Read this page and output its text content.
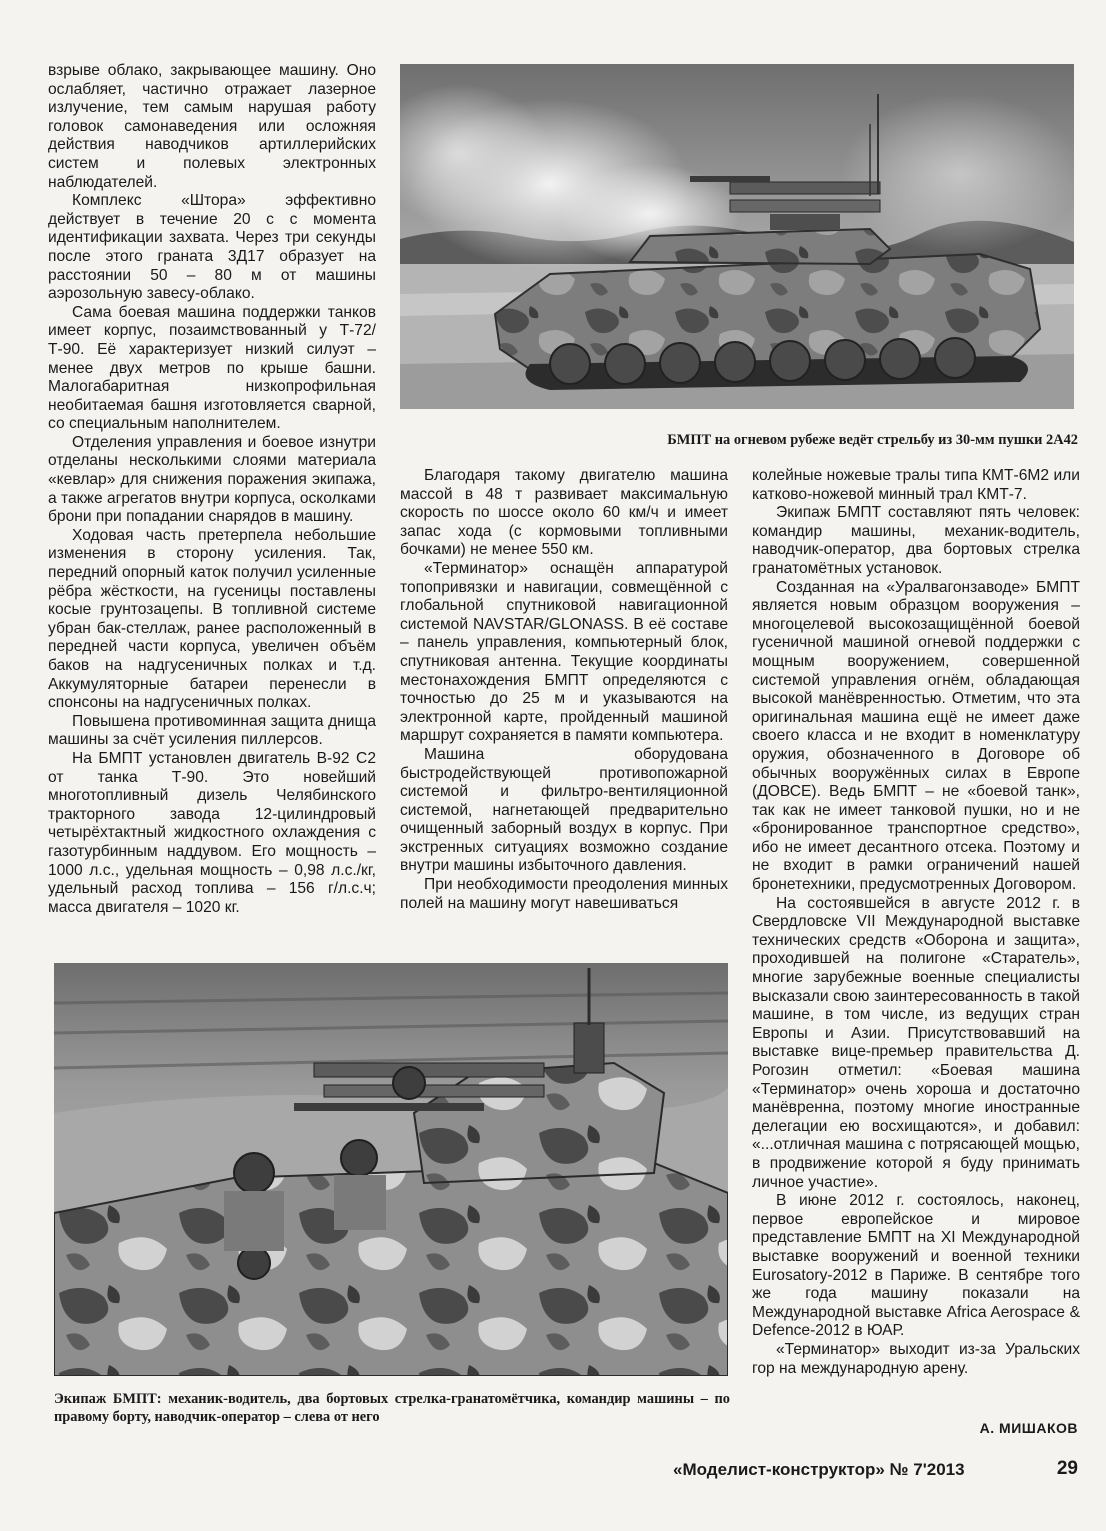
взрыве облако, закрывающее машину. Оно ослабляет, частично отражает лазерное излучение, тем самым нарушая работу головок самонаведения или осложняя действия наводчиков артиллерийских систем и полевых электронных наблюдателей.

Комплекс «Штора» эффективно действует в течение 20 с с момента идентификации захвата. Через три секунды после этого граната 3Д17 образует на расстоянии 50 – 80 м от машины аэрозольную завесу-облако.

Сама боевая машина поддержки танков имеет корпус, позаимствованный у Т-72/Т-90. Её характеризует низкий силуэт – менее двух метров по крыше башни. Малогабаритная низкопрофильная необитаемая башня изготовляется сварной, со специальным наполнителем.

Отделения управления и боевое изнутри отделаны несколькими слоями материала «кевлар» для снижения поражения экипажа, а также агрегатов внутри корпуса, осколками брони при попадании снарядов в машину.

Ходовая часть претерпела небольшие изменения в сторону усиления. Так, передний опорный каток получил усиленные рёбра жёсткости, на гусеницы поставлены косые грунтозацепы. В топливной системе убран бак-стеллаж, ранее расположенный в передней части корпуса, увеличен объём баков на надгусеничных полках и т.д. Аккумуляторные батареи перенесли в спонсоны на надгусеничных полках.

Повышена противоминная защита днища машины за счёт усиления пиллерсов.

На БМПТ установлен двигатель В-92 С2 от танка Т-90. Это новейший многотопливный дизель Челябинского тракторного завода 12-цилиндровый четырёхтактный жидкостного охлаждения с газотурбинным наддувом. Его мощность – 1000 л.с., удельная мощность – 0,98 л.с./кг, удельный расход топлива – 156 г/л.с.ч; масса двигателя – 1020 кг.

БМПТ на огневом рубеже ведёт стрельбу из 30-мм пушки 2А42

Благодаря такому двигателю машина массой в 48 т развивает максимальную скорость по шоссе около 60 км/ч и имеет запас хода (с кормовыми топливными бочками) не менее 550 км.

«Терминатор» оснащён аппаратурой топопривязки и навигации, совмещённой с глобальной спутниковой навигационной системой NAVSTAR/GLONASS. В её составе – панель управления, компьютерный блок, спутниковая антенна. Текущие координаты местонахождения БМПТ определяются с точностью до 25 м и указываются на электронной карте, пройденный машиной маршрут сохраняется в памяти компьютера.

Машина оборудована быстродействующей противопожарной системой и фильтро-вентиляционной системой, нагнетающей предварительно очищенный заборный воздух в корпус. При экстренных ситуациях возможно создание внутри машины избыточного давления.

При необходимости преодоления минных полей на машину могут навешиваться

колейные ножевые тралы типа КМТ-6М2 или катково-ножевой минный трал КМТ-7.

Экипаж БМПТ составляют пять человек: командир машины, механик-водитель, наводчик-оператор, два бортовых стрелка гранатомётных установок.

Созданная на «Уралвагонзаводе» БМПТ является новым образцом вооружения – многоцелевой высокозащищённой боевой гусеничной машиной огневой поддержки с мощным вооружением, совершенной системой управления огнём, обладающая высокой манёвренностью. Отметим, что эта оригинальная машина ещё не имеет даже своего класса и не входит в номенклатуру оружия, обозначенного в Договоре об обычных вооружённых силах в Европе (ДОВСЕ). Ведь БМПТ – не «боевой танк», так как не имеет танковой пушки, но и не «бронированное транспортное средство», ибо не имеет десантного отсека. Поэтому и не входит в рамки ограничений нашей бронетехники, предусмотренных Договором.

На состоявшейся в августе 2012 г. в Свердловске VII Международной выставке технических средств «Оборона и защита», проходившей на полигоне «Старатель», многие зарубежные военные специалисты высказали свою заинтересованность в такой машине, в том числе, из ведущих стран Европы и Азии. Присутствовавший на выставке вице-премьер правительства Д. Рогозин отметил: «Боевая машина «Терминатор» очень хороша и достаточно манёвренна, поэтому многие иностранные делегации ею восхищаются», и добавил: «...отличная машина с потрясающей мощью, в продвижение которой я буду принимать личное участие».

В июне 2012 г. состоялось, наконец, первое европейское и мировое представление БМПТ на XI Международной выставке вооружений и военной техники Eurosatory-2012 в Париже. В сентябре того же года машину показали на Международной выставке Africa Aerospace & Defence-2012 в ЮАР.

«Терминатор» выходит из-за Уральских гор на международную арену.

Экипаж БМПТ: механик-водитель, два бортовых стрелка-гранатомётчика, командир машины – по правому борту, наводчик-оператор – слева от него
А. МИШАКОВ
«Моделист-конструктор» № 7'2013	29
